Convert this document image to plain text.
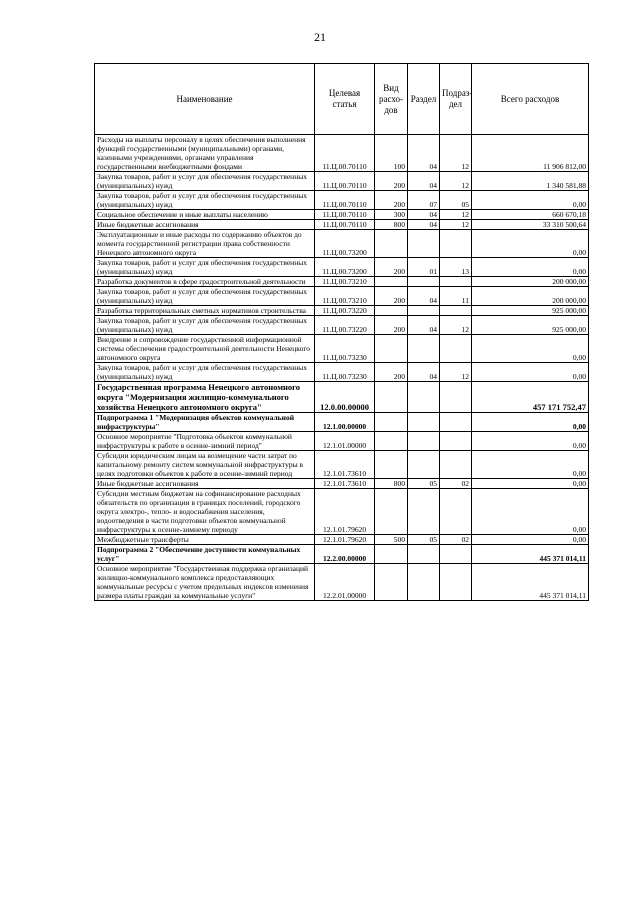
21
Наименование	Целевая статья	Вид расхо-дов	Раздел	Подраз-дел	Всего расходов
Расходы на выплаты персоналу в целях обеспечения выполнения функций государственными (муниципальными) органами, казенными учреждениями, органами управления государственными внебюджетными фондами	11.Ц.00.70110	100	04	12	11 906 812,00
Закупка товаров, работ и услуг для обеспечения государственных (муниципальных) нужд	11.Ц.00.70110	200	04	12	1 340 581,88
Закупка товаров, работ и услуг для обеспечения государственных (муниципальных) нужд	11.Ц.00.70110	200	07	05	0,00
Социальное обеспечение и иные выплаты населению	11.Ц.00.70110	300	04	12	660 670,18
Иные бюджетные ассигнования	11.Ц.00.70110	800	04	12	33 310 500,64
Эксплуатационные и иные расходы по содержанию объектов до момента государственной регистрации права собственности Ненецкого автономного округа	11.Ц.00.73200				0,00
Закупка товаров, работ и услуг для обеспечения государственных (муниципальных) нужд	11.Ц.00.73200	200	01	13	0,00
Разработка документов в сфере градостроительной деятельности	11.Ц.00.73210				200 000,00
Закупка товаров, работ и услуг для обеспечения государственных (муниципальных) нужд	11.Ц.00.73210	200	04	11	200 000,00
Разработка территориальных сметных нормативов строительства	11.Ц.00.73220				925 000,00
Закупка товаров, работ и услуг для обеспечения государственных (муниципальных) нужд	11.Ц.00.73220	200	04	12	925 000,00
Внедрение и сопровождение государственной информационной системы обеспечения градостроительной деятельности Ненецкого автономного округа	11.Ц.00.73230				0,00
Закупка товаров, работ и услуг для обеспечения государственных (муниципальных) нужд	11.Ц.00.73230	200	04	12	0,00
Государственная программа Ненецкого автономного округа "Модернизация жилищно-коммунального хозяйства Ненецкого автономного округа"	12.0.00.00000				457 171 752,47
Подпрограмма 1 "Модернизация объектов коммунальной инфраструктуры"	12.1.00.00000				0,00
Основное мероприятие "Подготовка объектов коммунальной инфраструктуры к работе в осенне-зимний период"	12.1.01.00000				0,00
Субсидии юридическим лицам на возмещение части затрат по капитальному ремонту систем коммунальной инфраструктуры в целях подготовки объектов к работе в осенне-зимний период	12.1.01.73610				0,00
Иные бюджетные ассигнования	12.1.01.73610	800	05	02	0,00
Субсидии местным бюджетам на софинансирование расходных обязательств по организации в границах поселений, городского округа электро-, тепло- и водоснабжения населения, водоотведения в части подготовки объектов коммунальной инфраструктуры к осенне-зимнему периоду	12.1.01.79620				0,00
Межбюджетные трансферты	12.1.01.79620	500	05	02	0,00
Подпрограмма 2 "Обеспечение доступности коммунальных услуг"	12.2.00.00000				445 371 014,11
Основное мероприятие "Государственная поддержка организаций жилищно-коммунального комплекса предоставляющих коммунальные ресурсы с учетом предельных индексов изменения размера платы граждан за коммунальные услуги"	12.2.01.00000				445 371 014,11
